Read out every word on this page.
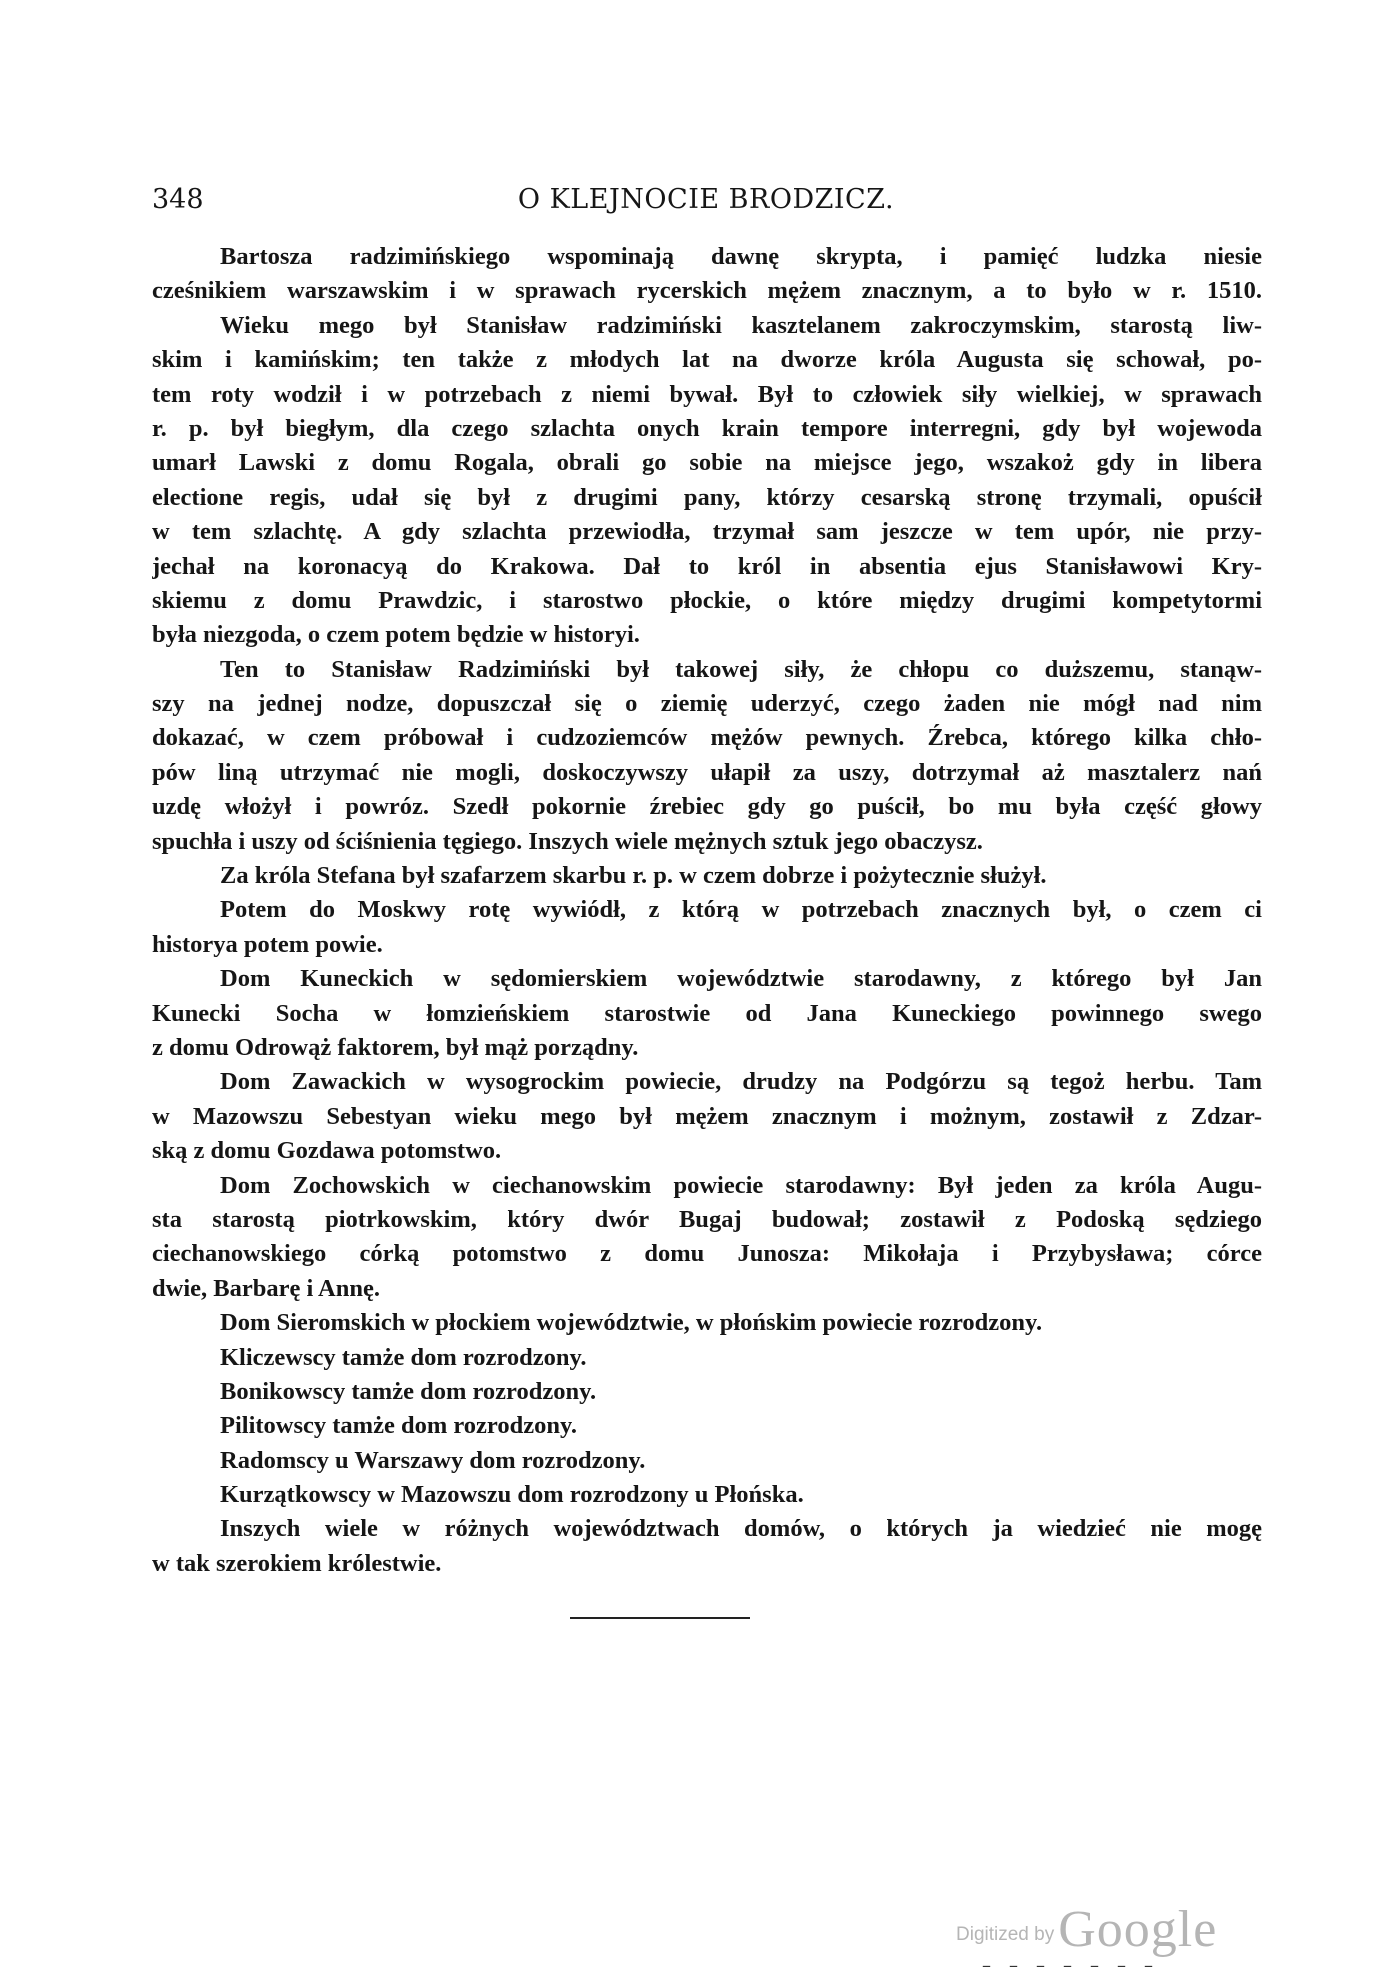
348	O KLEJNOCIE BRODZICZ.
Bartosza radzimińskiego wspominają dawnę skrypta, i pamięć ludzka niesie
cześnikiem warszawskim i w sprawach rycerskich mężem znacznym, a to było w r. 1510.
Wieku mego był Stanisław radzimiński kasztelanem zakroczymskim, starostą liw-
skim i kamińskim; ten także z młodych lat na dworze króla Augusta się schował, po-
tem roty wodził i w potrzebach z niemi bywał. Był to człowiek siły wielkiej, w sprawach
r. p. był biegłym, dla czego szlachta onych krain tempore interregni, gdy był wojewoda
umarł Lawski z domu Rogala, obrali go sobie na miejsce jego, wszakoż gdy in libera
electione regis, udał się był z drugimi pany, którzy cesarską stronę trzymali, opuścił
w tem szlachtę. A gdy szlachta przewiodła, trzymał sam jeszcze w tem upór, nie przy-
jechał na koronacyą do Krakowa. Dał to król in absentia ejus Stanisławowi Kry-
skiemu z domu Prawdzic, i starostwo płockie, o które między drugimi kompetytormi
była niezgoda, o czem potem będzie w historyi.
Ten to Stanisław Radzimiński był takowej siły, że chłopu co duższemu, stanąw-
szy na jednej nodze, dopuszczał się o ziemię uderzyć, czego żaden nie mógł nad nim
dokazać, w czem próbował i cudzoziemców mężów pewnych. Źrebca, którego kilka chło-
pów liną utrzymać nie mogli, doskoczywszy ułapił za uszy, dotrzymał aż masztalerz nań
uzdę włożył i powróz. Szedł pokornie źrebiec gdy go puścił, bo mu była część głowy
spuchła i uszy od ściśnienia tęgiego. Inszych wiele mężnych sztuk jego obaczysz.
Za króla Stefana był szafarzem skarbu r. p. w czem dobrze i pożytecznie służył.
Potem do Moskwy rotę wywiódł, z którą w potrzebach znacznych był, o czem ci
historya potem powie.
Dom Kuneckich w sędomierskiem województwie starodawny, z którego był Jan
Kunecki Socha w łomzieńskiem starostwie od Jana Kuneckiego powinnego swego
z domu Odrowąż faktorem, był mąż porządny.
Dom Zawackich w wysogrockim powiecie, drudzy na Podgórzu są tegoż herbu. Tam
w Mazowszu Sebestyan wieku mego był mężem znacznym i możnym, zostawił z Zdzar-
ską z domu Gozdawa potomstwo.
Dom Zochowskich w ciechanowskim powiecie starodawny: Był jeden za króla Augu-
sta starostą piotrkowskim, który dwór Bugaj budował; zostawił z Podoską sędziego
ciechanowskiego córką potomstwo z domu Junosza: Mikołaja i Przybysława; córce
dwie, Barbarę i Annę.
Dom Sieromskich w płockiem województwie, w płońskim powiecie rozrodzony.
Kliczewscy tamże dom rozrodzony.
Bonikowscy tamże dom rozrodzony.
Pilitowscy tamże dom rozrodzony.
Radomscy u Warszawy dom rozrodzony.
Kurzątkowscy w Mazowszu dom rozrodzony u Płońska.
Inszych wiele w różnych województwach domów, o których ja wiedzieć nie mogę
w tak szerokiem królestwie.
Digitized by Google
–––––––
